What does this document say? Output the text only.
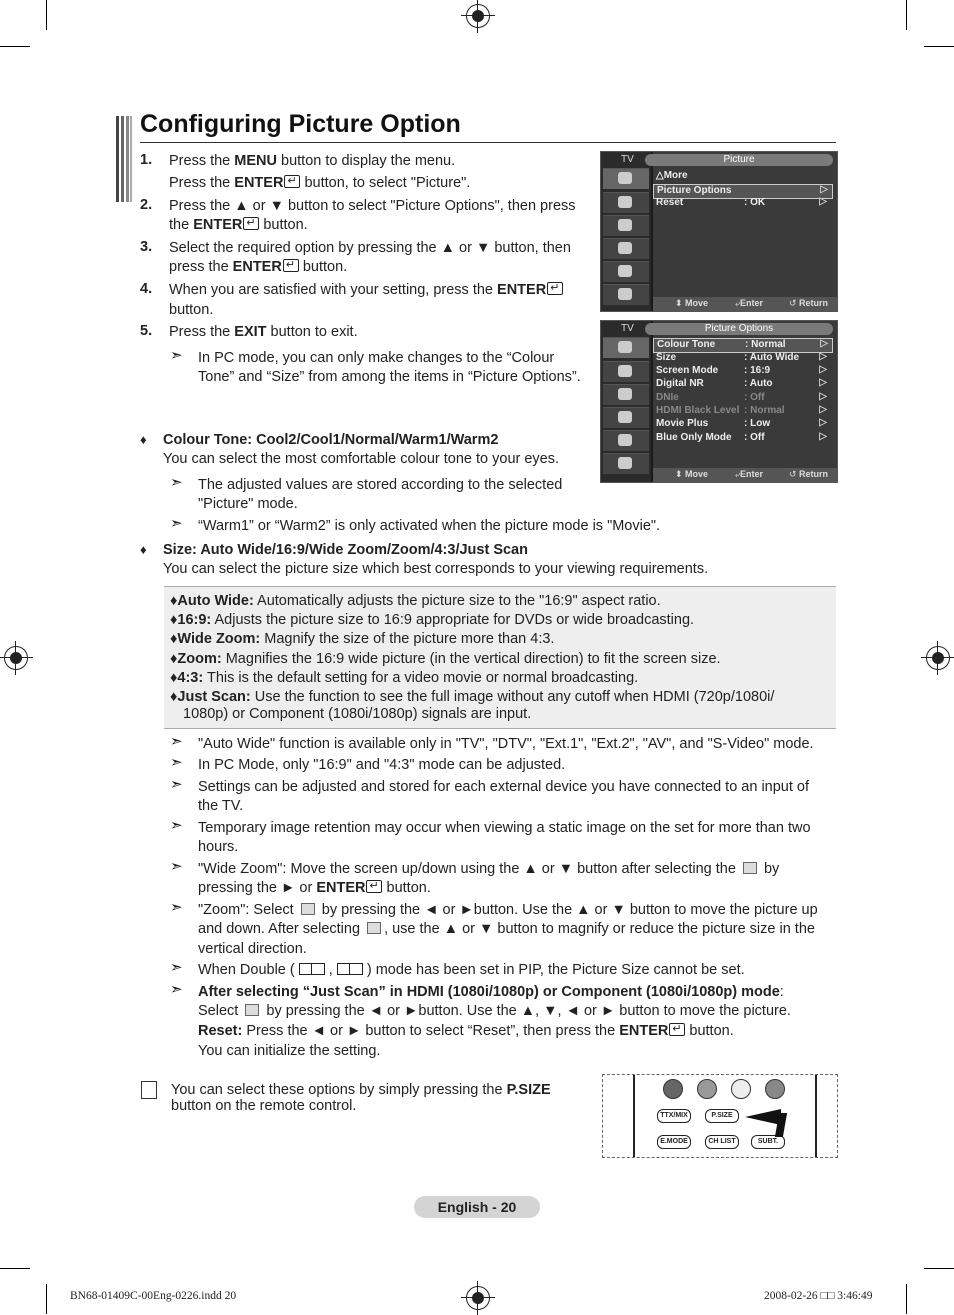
Configuring Picture Option
1. Press the MENU button to display the menu.
Press the ENTER↵ button, to select "Picture".
2. Press the ▲ or ▼ button to select "Picture Options", then press
the ENTER↵ button.
3. Select the required option by pressing the ▲ or ▼ button, then
press the ENTER↵ button.
4. When you are satisfied with your setting, press the ENTER↵
button.
5. Press the EXIT button to exit.
➣ In PC mode, you can only make changes to the “Colour
Tone” and “Size” from among the items in “Picture Options”.
♦ Colour Tone: Cool2/Cool1/Normal/Warm1/Warm2
You can select the most comfortable colour tone to your eyes.
➣ The adjusted values are stored according to the selected
"Picture" mode.
➣ “Warm1” or “Warm2” is only activated when the picture mode is "Movie".
♦ Size: Auto Wide/16:9/Wide Zoom/Zoom/4:3/Just Scan
You can select the picture size which best corresponds to your viewing requirements.
♦Auto Wide: Automatically adjusts the picture size to the "16:9" aspect ratio.
♦16:9: Adjusts the picture size to 16:9 appropriate for DVDs or wide broadcasting.
♦Wide Zoom: Magnify the size of the picture more than 4:3.
♦Zoom: Magnifies the 16:9 wide picture (in the vertical direction) to fit the screen size.
♦4:3: This is the default setting for a video movie or normal broadcasting.
♦Just Scan: Use the function to see the full image without any cutoff when HDMI (720p/1080i/
1080p) or Component (1080i/1080p) signals are input.
➣ "Auto Wide" function is available only in "TV", "DTV", "Ext.1", "Ext.2", "AV", and "S-Video" mode.
➣ In PC Mode, only "16:9" and "4:3" mode can be adjusted.
➣ Settings can be adjusted and stored for each external device you have connected to an input of
the TV.
➣ Temporary image retention may occur when viewing a static image on the set for more than two
hours.
➣ "Wide Zoom": Move the screen up/down using the ▲ or ▼ button after selecting the by
pressing the ► or ENTER↵ button.
➣ "Zoom": Select by pressing the ◄ or ►button. Use the ▲ or ▼ button to move the picture up
and down. After selecting , use the ▲ or ▼ button to magnify or reduce the picture size in the
vertical direction.
➣ When Double ( , ) mode has been set in PIP, the Picture Size cannot be set.
➣ After selecting “Just Scan” in HDMI (1080i/1080p) or Component (1080i/1080p) mode:
Select by pressing the ◄ or ►button. Use the ▲, ▼, ◄ or ► button to move the picture.
Reset: Press the ◄ or ► button to select “Reset”, then press the ENTER↵ button.
You can initialize the setting.
You can select these options by simply pressing the P.SIZE
button on the remote control.
TV	Picture
△More
Picture Options	▷
Reset	: OK	▷
⬍ Move	⤶Enter	↺ Return
TV	Picture Options
Colour Tone	: Normal	▷
Size	: Auto Wide ▷
Screen Mode	: 16:9	▷
Digital NR	: Auto	▷
DNIe	: Off	▷
HDMI Black Level : Normal	▷
Movie Plus	: Low	▷
Blue Only Mode : Off	▷
⬍ Move	⤶Enter	↺ Return
TTX/MIX	P.SIZE
E.MODE	CH LIST	SUBT.
English - 20
BN68-01409C-00Eng-0226.indd 20	2008-02-26 □□ 3:46:49
